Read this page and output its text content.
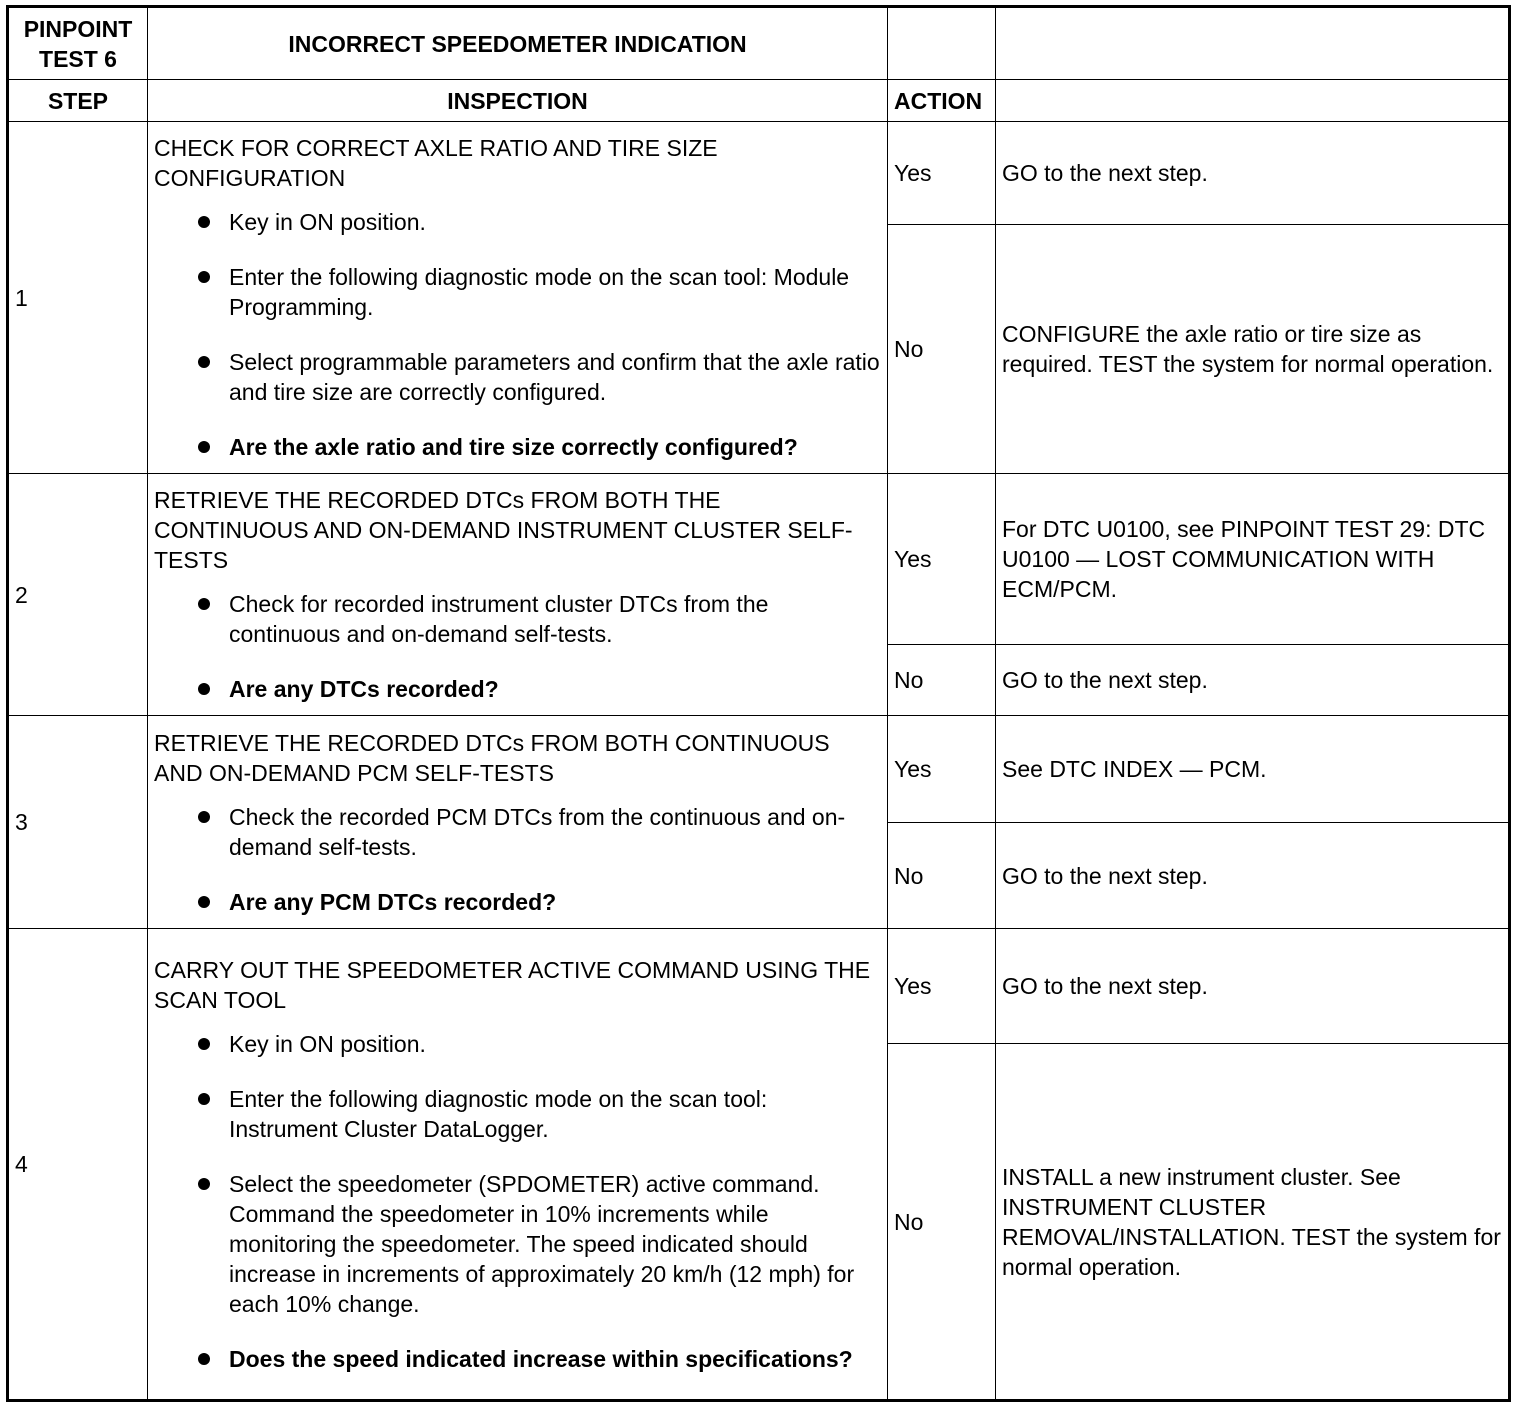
PINPOINT TEST 6	INCORRECT SPEEDOMETER INDICATION		
STEP	INSPECTION	ACTION	
1	CHECK FOR CORRECT AXLE RATIO AND TIRE SIZE CONFIGURATION
Key in ON position.
Enter the following diagnostic mode on the scan tool: Module Programming.
Select programmable parameters and confirm that the axle ratio and tire size are correctly configured.
Are the axle ratio and tire size correctly configured?	Yes	GO to the next step.
		No	CONFIGURE the axle ratio or tire size as required. TEST the system for normal operation.
2	RETRIEVE THE RECORDED DTCs FROM BOTH THE CONTINUOUS AND ON-DEMAND INSTRUMENT CLUSTER SELF-TESTS
Check for recorded instrument cluster DTCs from the continuous and on-demand self-tests.
Are any DTCs recorded?	Yes	For DTC U0100, see PINPOINT TEST 29: DTC U0100 — LOST COMMUNICATION WITH ECM/PCM.
		No	GO to the next step.
3	RETRIEVE THE RECORDED DTCs FROM BOTH CONTINUOUS AND ON-DEMAND PCM SELF-TESTS
Check the recorded PCM DTCs from the continuous and on-demand self-tests.
Are any PCM DTCs recorded?	Yes	See DTC INDEX — PCM.
		No	GO to the next step.
4	CARRY OUT THE SPEEDOMETER ACTIVE COMMAND USING THE SCAN TOOL
Key in ON position.
Enter the following diagnostic mode on the scan tool: Instrument Cluster DataLogger.
Select the speedometer (SPDOMETER) active command. Command the speedometer in 10% increments while monitoring the speedometer. The speed indicated should increase in increments of approximately 20 km/h (12 mph) for each 10% change.
Does the speed indicated increase within specifications?	Yes	GO to the next step.
		No	INSTALL a new instrument cluster. See INSTRUMENT CLUSTER REMOVAL/INSTALLATION. TEST the system for normal operation.
